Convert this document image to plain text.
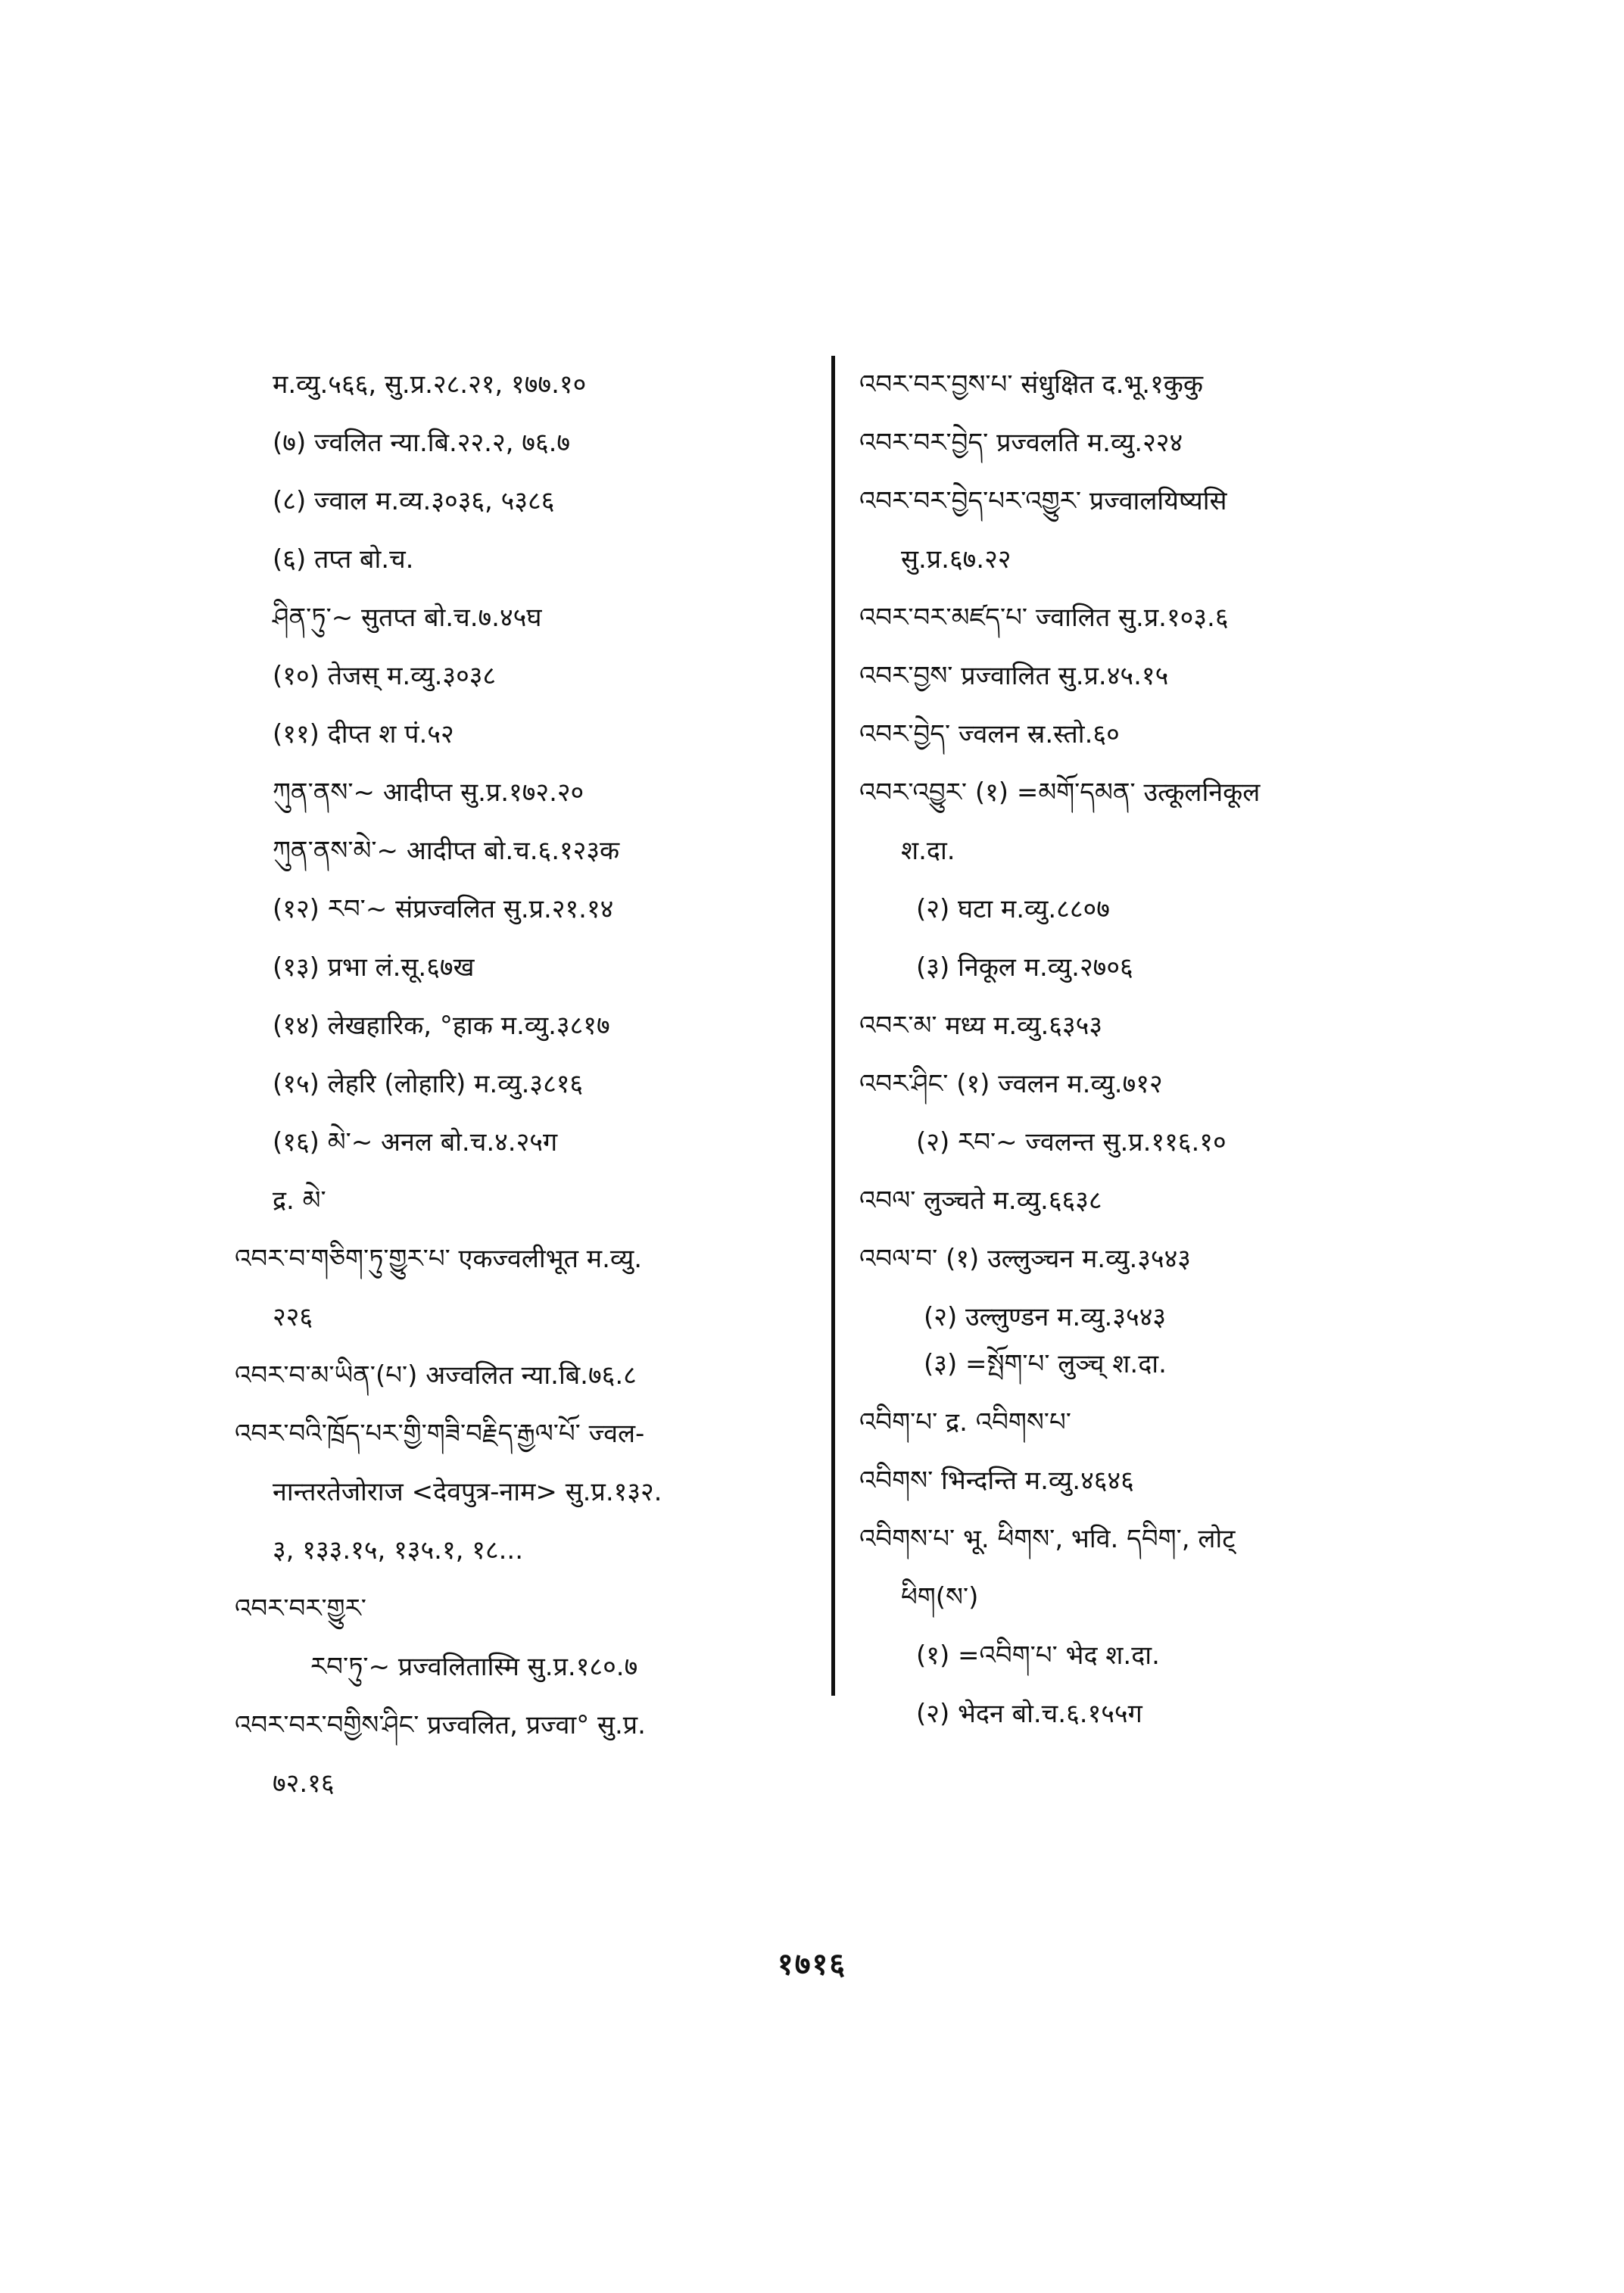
म.व्यु.५६६, सु.प्र.२८.२१, १७७.१०
(७) ज्वलित न्या.बि.२२.२, ७६.७
(८) ज्वाल म.व्य.३०३६, ५३८६
(६) तप्त बो.च.
ཤིན་ཏུ་~ सुतप्त बो.च.७.४५घ
(१०) तेजस् म.व्यु.३०३८
(११) दीप्त श पं.५२
ཀུན་ནས་~ आदीप्त सु.प्र.१७२.२०
ཀུན་ནས་མེ་~ आदीप्त बो.च.६.१२३क
(१२) རབ་~ संप्रज्वलित सु.प्र.२१.१४
(१३) प्रभा लं.सू.६७ख
(१४) लेखहारिक, °हाक म.व्यु.३८१७
(१५) लेहरि (लोहारि) म.व्यु.३८१६
(१६) མེ་~ अनल बो.च.४.२५ग
द्र. མེ་
འབར་བ་གཅིག་ཏུ་གྱུར་པ་ एकज्वलीभूत म.व्यु.
२२६
འབར་བ་མ་ཡིན་(པ་) अज्वलित न्या.बि.७६.८
འབར་བའི་ཁྲོད་པར་གྱི་གཟི་བརྗིད་རྒྱལ་པོ་ ज्वल-
नान्तरतेजोराज <देवपुत्र-नाम> सु.प्र.१३२.
३, १३३.१५, १३५.१, १८...
འབར་བར་གྱུར་
རབ་ཏུ་~ प्रज्वलितास्मि सु.प्र.१८०.७
འབར་བར་བགྱིས་ཤིང་ प्रज्वलित, प्रज्वा° सु.प्र.
७२.१६
འབར་བར་བྱས་པ་ संधुक्षित द.भू.१कुकु
འབར་བར་བྱེད་ प्रज्वलति म.व्यु.२२४
འབར་བར་བྱེད་པར་འགྱུར་ प्रज्वालयिष्यसि
सु.प्र.६७.२२
འབར་བར་མཛད་པ་ ज्वालित सु.प्र.१०३.६
འབར་བྱས་ प्रज्वालित सु.प्र.४५.१५
འབར་བྱེད་ ज्वलन स्र.स्तो.६०
འབར་འབྱུར་ (१) =མགོ་དམན་ उत्कूलनिकूल
श.दा.
(२) घटा म.व्यु.८८०७
(३) निकूल म.व्यु.२७०६
འབར་མ་ मध्य म.व्यु.६३५३
འབར་ཤིང་ (१) ज्वलन म.व्यु.७१२
(२) རབ་~ ज्वलन्त सु.प्र.११६.१०
འབལ་ लुञ्चते म.व्यु.६६३८
འབལ་བ་ (१) उल्लुञ्चन म.व्यु.३५४३
(२) उल्लुण्डन म.व्यु.३५४३
(३) =སྤོག་པ་ लुञ्च् श.दा.
འབིག་པ་ द्र. འབིགས་པ་
འབིགས་ भिन्दन्ति म.व्यु.४६४६
འབིགས་པ་ भू. ཕིགས་, भवि. དབིག་, लोट्
ཕིག(ས་)
(१) =འབིག་པ་ भेद श.दा.
(२) भेदन बो.च.६.१५५ग
१७१६
